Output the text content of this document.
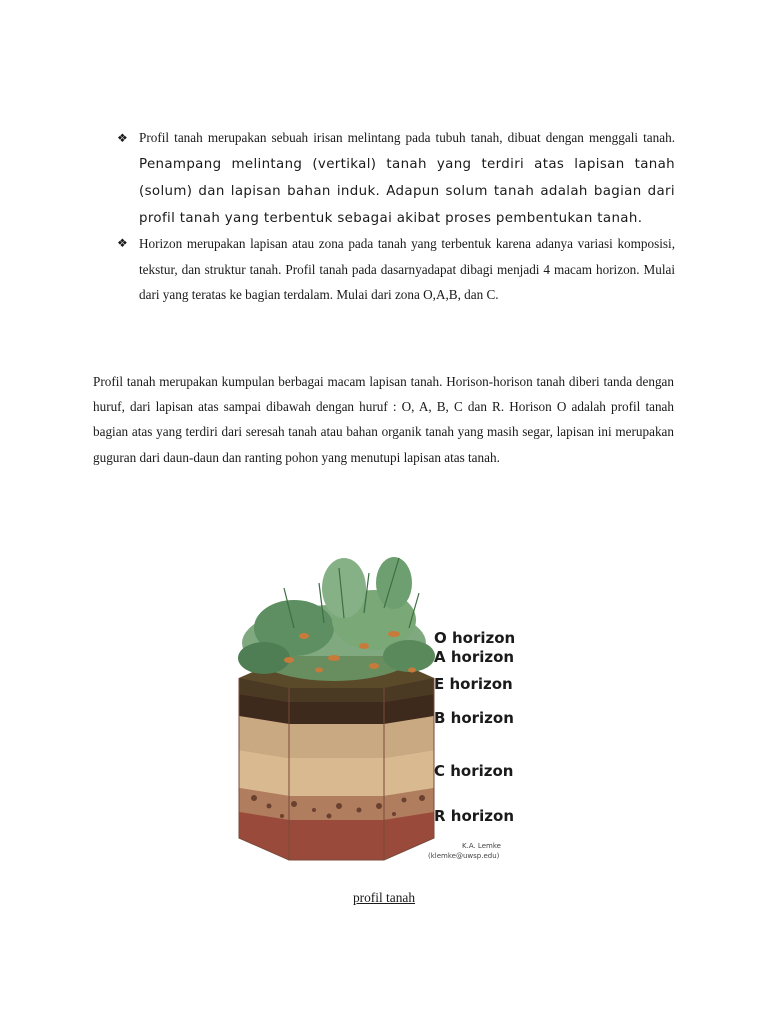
❖ Profil tanah merupakan sebuah irisan melintang pada tubuh tanah, dibuat dengan menggali tanah. Penampang melintang (vertikal) tanah yang terdiri atas lapisan tanah (solum) dan lapisan bahan induk. Adapun solum tanah adalah bagian dari profil tanah yang terbentuk sebagai akibat proses pembentukan tanah.
❖ Horizon merupakan lapisan atau zona pada tanah yang terbentuk karena adanya variasi komposisi, tekstur, dan struktur tanah. Profil tanah pada dasarnyadapat dibagi menjadi 4 macam horizon. Mulai dari yang teratas ke bagian terdalam. Mulai dari zona O,A,B, dan C.

Profil tanah merupakan kumpulan berbagai macam lapisan tanah. Horison-horison tanah diberi tanda dengan huruf, dari lapisan atas sampai dibawah dengan huruf : O, A, B, C dan R. Horison O adalah profil tanah bagian atas yang terdiri dari seresah tanah atau bahan organik tanah yang masih segar, lapisan ini merupakan guguran dari daun-daun dan ranting pohon yang menutupi lapisan atas tanah.

O horizon
A horizon
E horizon
B horizon
C horizon
R horizon
K.A. Lemke
(klemke@uwsp.edu)
profil tanah
